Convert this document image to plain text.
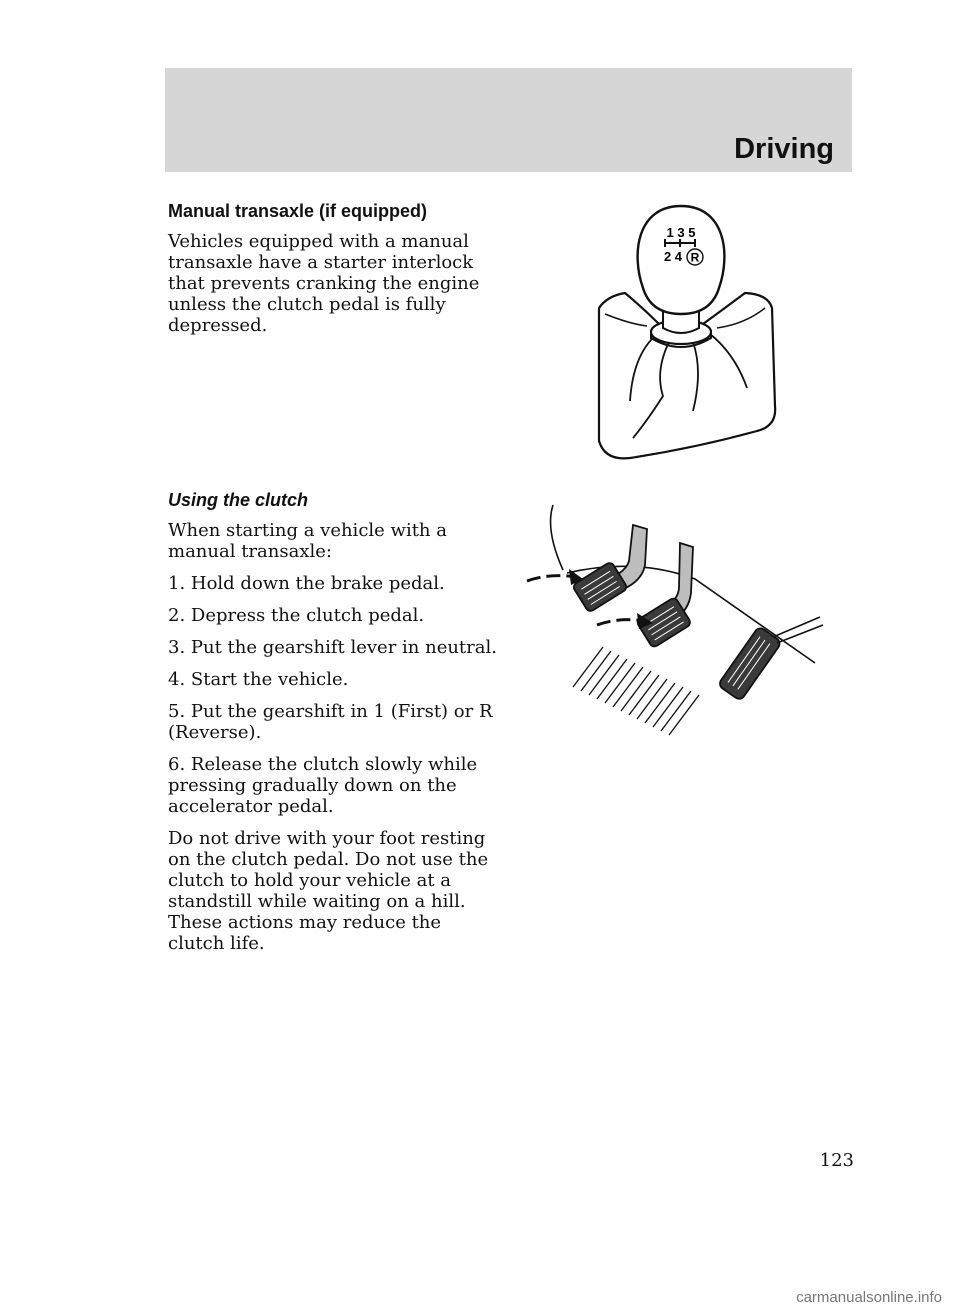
Driving
Manual transaxle (if equipped)

Vehicles equipped with a manual transaxle have a starter interlock that prevents cranking the engine unless the clutch pedal is fully depressed.

1 3 5
2 4 R
Using the clutch

When starting a vehicle with a manual transaxle:

1. Hold down the brake pedal.

2. Depress the clutch pedal.

3. Put the gearshift lever in neutral.

4. Start the vehicle.

5. Put the gearshift in 1 (First) or R (Reverse).

6. Release the clutch slowly while pressing gradually down on the accelerator pedal.

Do not drive with your foot resting on the clutch pedal. Do not use the clutch to hold your vehicle at a standstill while waiting on a hill. These actions may reduce the clutch life.

123
carmanualsonline.info
